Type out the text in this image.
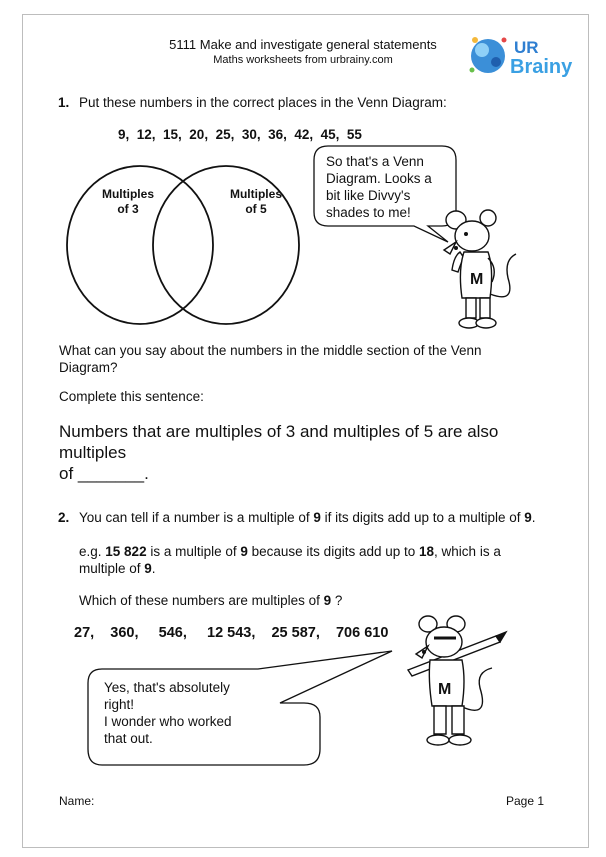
5111 Make and investigate general statements
Maths worksheets from urbrainy.com
UR
Brainy
1. Put these numbers in the correct places in the Venn Diagram:
9,  12,  15,  20,  25,  30,  36,  42,  45,  55
Multiples
of 3
Multiples
of 5
So that's a Venn
Diagram. Looks a
bit like Divvy's
shades to me!
M
What can you say about the numbers in the middle section of the Venn
Diagram?
Complete this sentence:
Numbers that are multiples of 3 and multiples of 5 are also multiples
of _______.
2. You can tell if a number is a multiple of 9 if its digits add up to a multiple of 9.
e.g. 15 822 is a multiple of 9 because its digits add up to 18, which is a
multiple of 9.
Which of these numbers are multiples of 9 ?
27,    360,     546,     12 543,    25 587,    706 610
Yes, that's absolutely
right!
I wonder who worked
that out.
M
Name:	Page 1
